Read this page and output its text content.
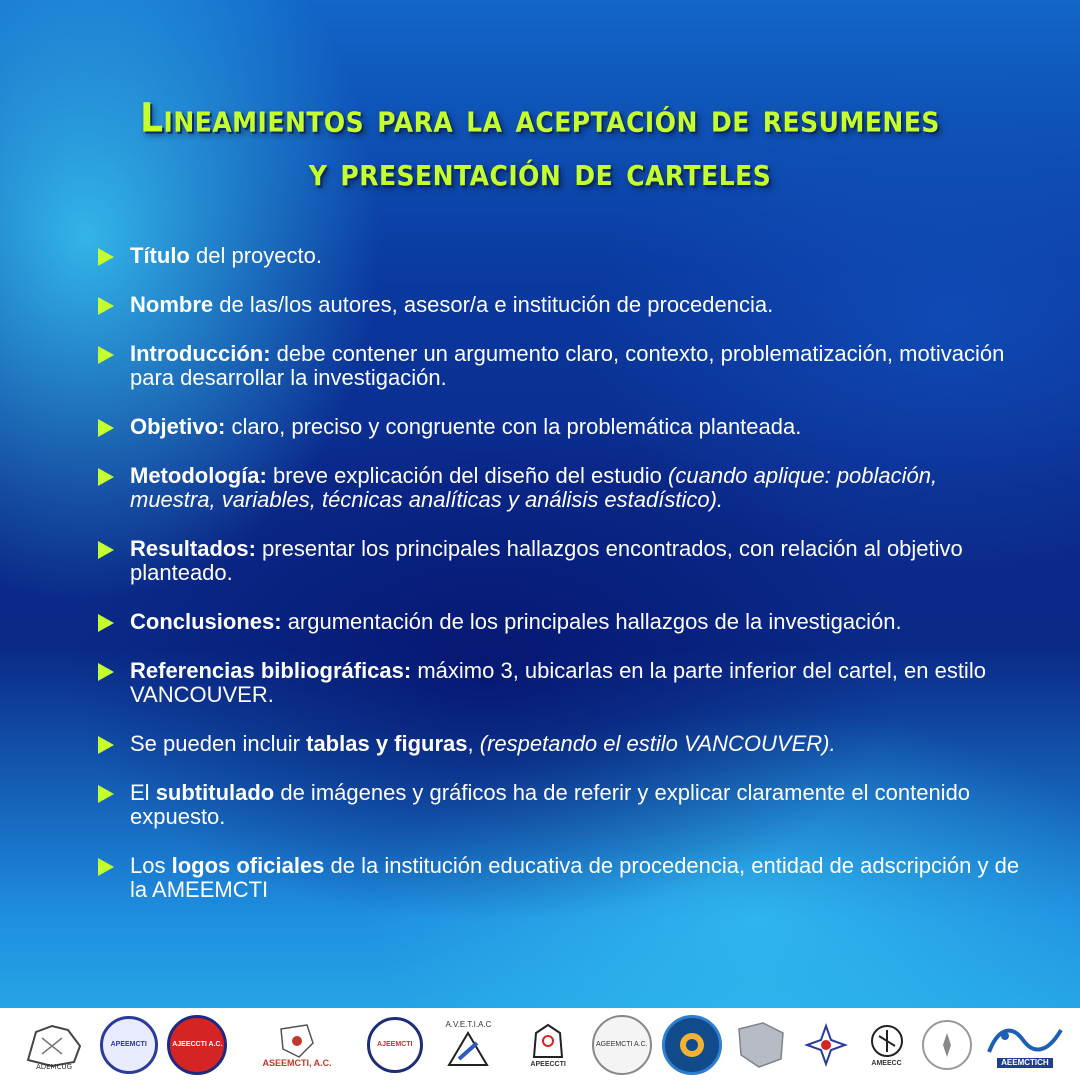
Lineamientos para la aceptación de resumenes
y presentación de carteles
Título del proyecto.
Nombre de las/los autores, asesor/a e institución de procedencia.
Introducción: debe contener un argumento claro, contexto, problematización, motivación para desarrollar la investigación.
Objetivo: claro, preciso y congruente con la problemática planteada.
Metodología: breve explicación del diseño del estudio (cuando aplique: población, muestra, variables, técnicas analíticas y análisis estadístico).
Resultados: presentar los principales hallazgos encontrados, con relación al objetivo planteado.
Conclusiones: argumentación de los principales hallazgos de la investigación.
Referencias bibliográficas: máximo 3, ubicarlas en la parte inferior del cartel, en estilo VANCOUVER.
Se pueden incluir tablas y figuras, (respetando el estilo VANCOUVER).
El subtitulado de imágenes y gráficos ha de referir y explicar claramente el contenido expuesto.
Los logos oficiales de la institución educativa de procedencia, entidad de adscripción y de la AMEEMCTI
ADEMCUG
APEEMCTI	AJEECCTI A.C.
ASEEMCTI, A.C.
AJEEMCTI
A.V.E.T.I.A.C
APEECCTI
AGEEMCTI A.C.
AMEECC	AEEMCTICH
